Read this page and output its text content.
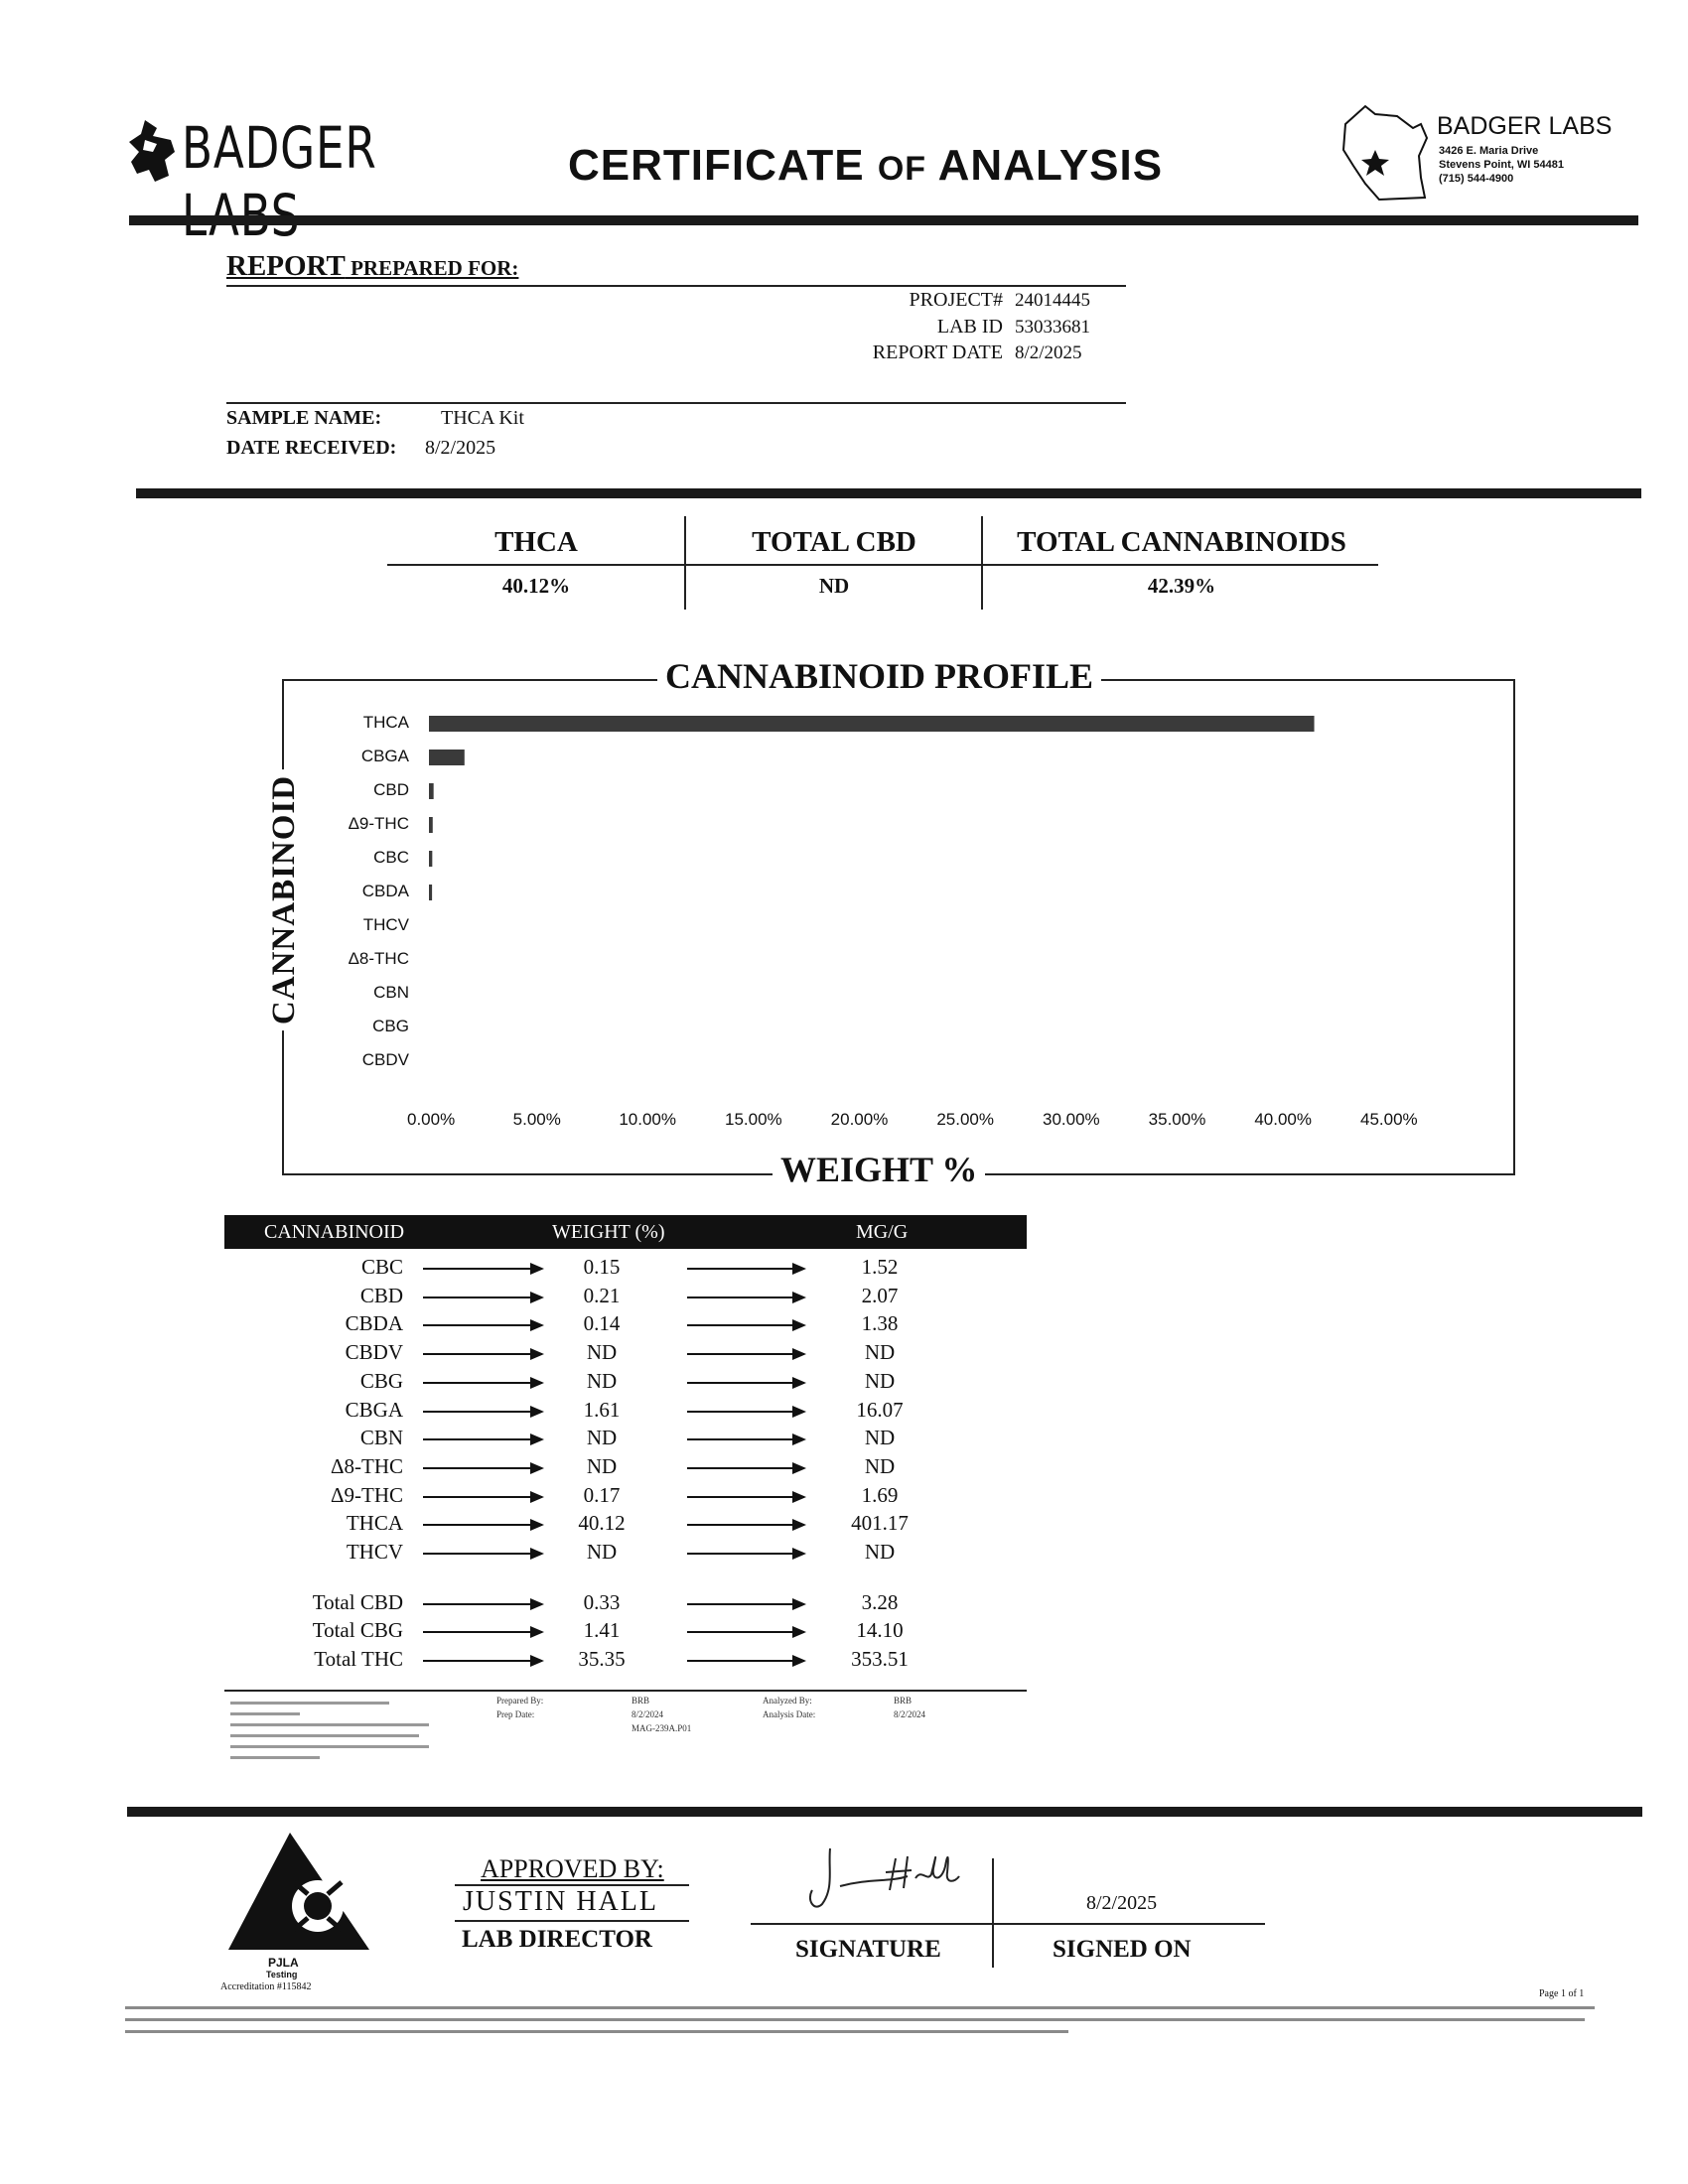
BADGER	CERTIFICATE OF ANALYSIS
BADGER LABS
3426 E. Maria Drive
Stevens Point, WI 54481
(715) 544-4900
REPORT PREPARED FOR:
PROJECT# 24014445
LAB ID 53033681
REPORT DATE 8/2/2025
SAMPLE NAME:	THCA Kit
DATE RECEIVED: 8/2/2025
THCA	TOTAL CBD	TOTAL CANNABINOIDS
40.12%	ND	42.39%
CANNABINOID PROFILE
CANNABINOID
WEIGHT %
THCA
CBGA
CBD
Δ9-THC
CBC
CBDA
THCV
Δ8-THC
CBN
CBG
CBDV
0.00%	5.00%	10.00%	15.00%	20.00%	25.00%	30.00%	35.00%	40.00%	45.00%
CANNABINOID	WEIGHT (%)	MG/G
CBC	0.15	1.52
CBD	0.21	2.07
CBDA	0.14	1.38
CBDV	ND	ND
CBG	ND	ND
CBGA	1.61	16.07
CBN	ND	ND
Δ8-THC	ND	ND
Δ9-THC	0.17	1.69
THCA	40.12	401.17
THCV	ND	ND
Total CBD	0.33	3.28
Total CBG	1.41	14.10
Total THC	35.35	353.51
Prepared By:	BRB
Prep Date:	8/2/2024
MAG-239A.P01
Analyzed By:	BRB
Analysis Date:	8/2/2024
PJLA
Testing
Accreditation #115842
APPROVED BY:
JUSTIN HALL
LAB DIRECTOR
8/2/2025
SIGNATURE	SIGNED ON
Page 1 of 1
